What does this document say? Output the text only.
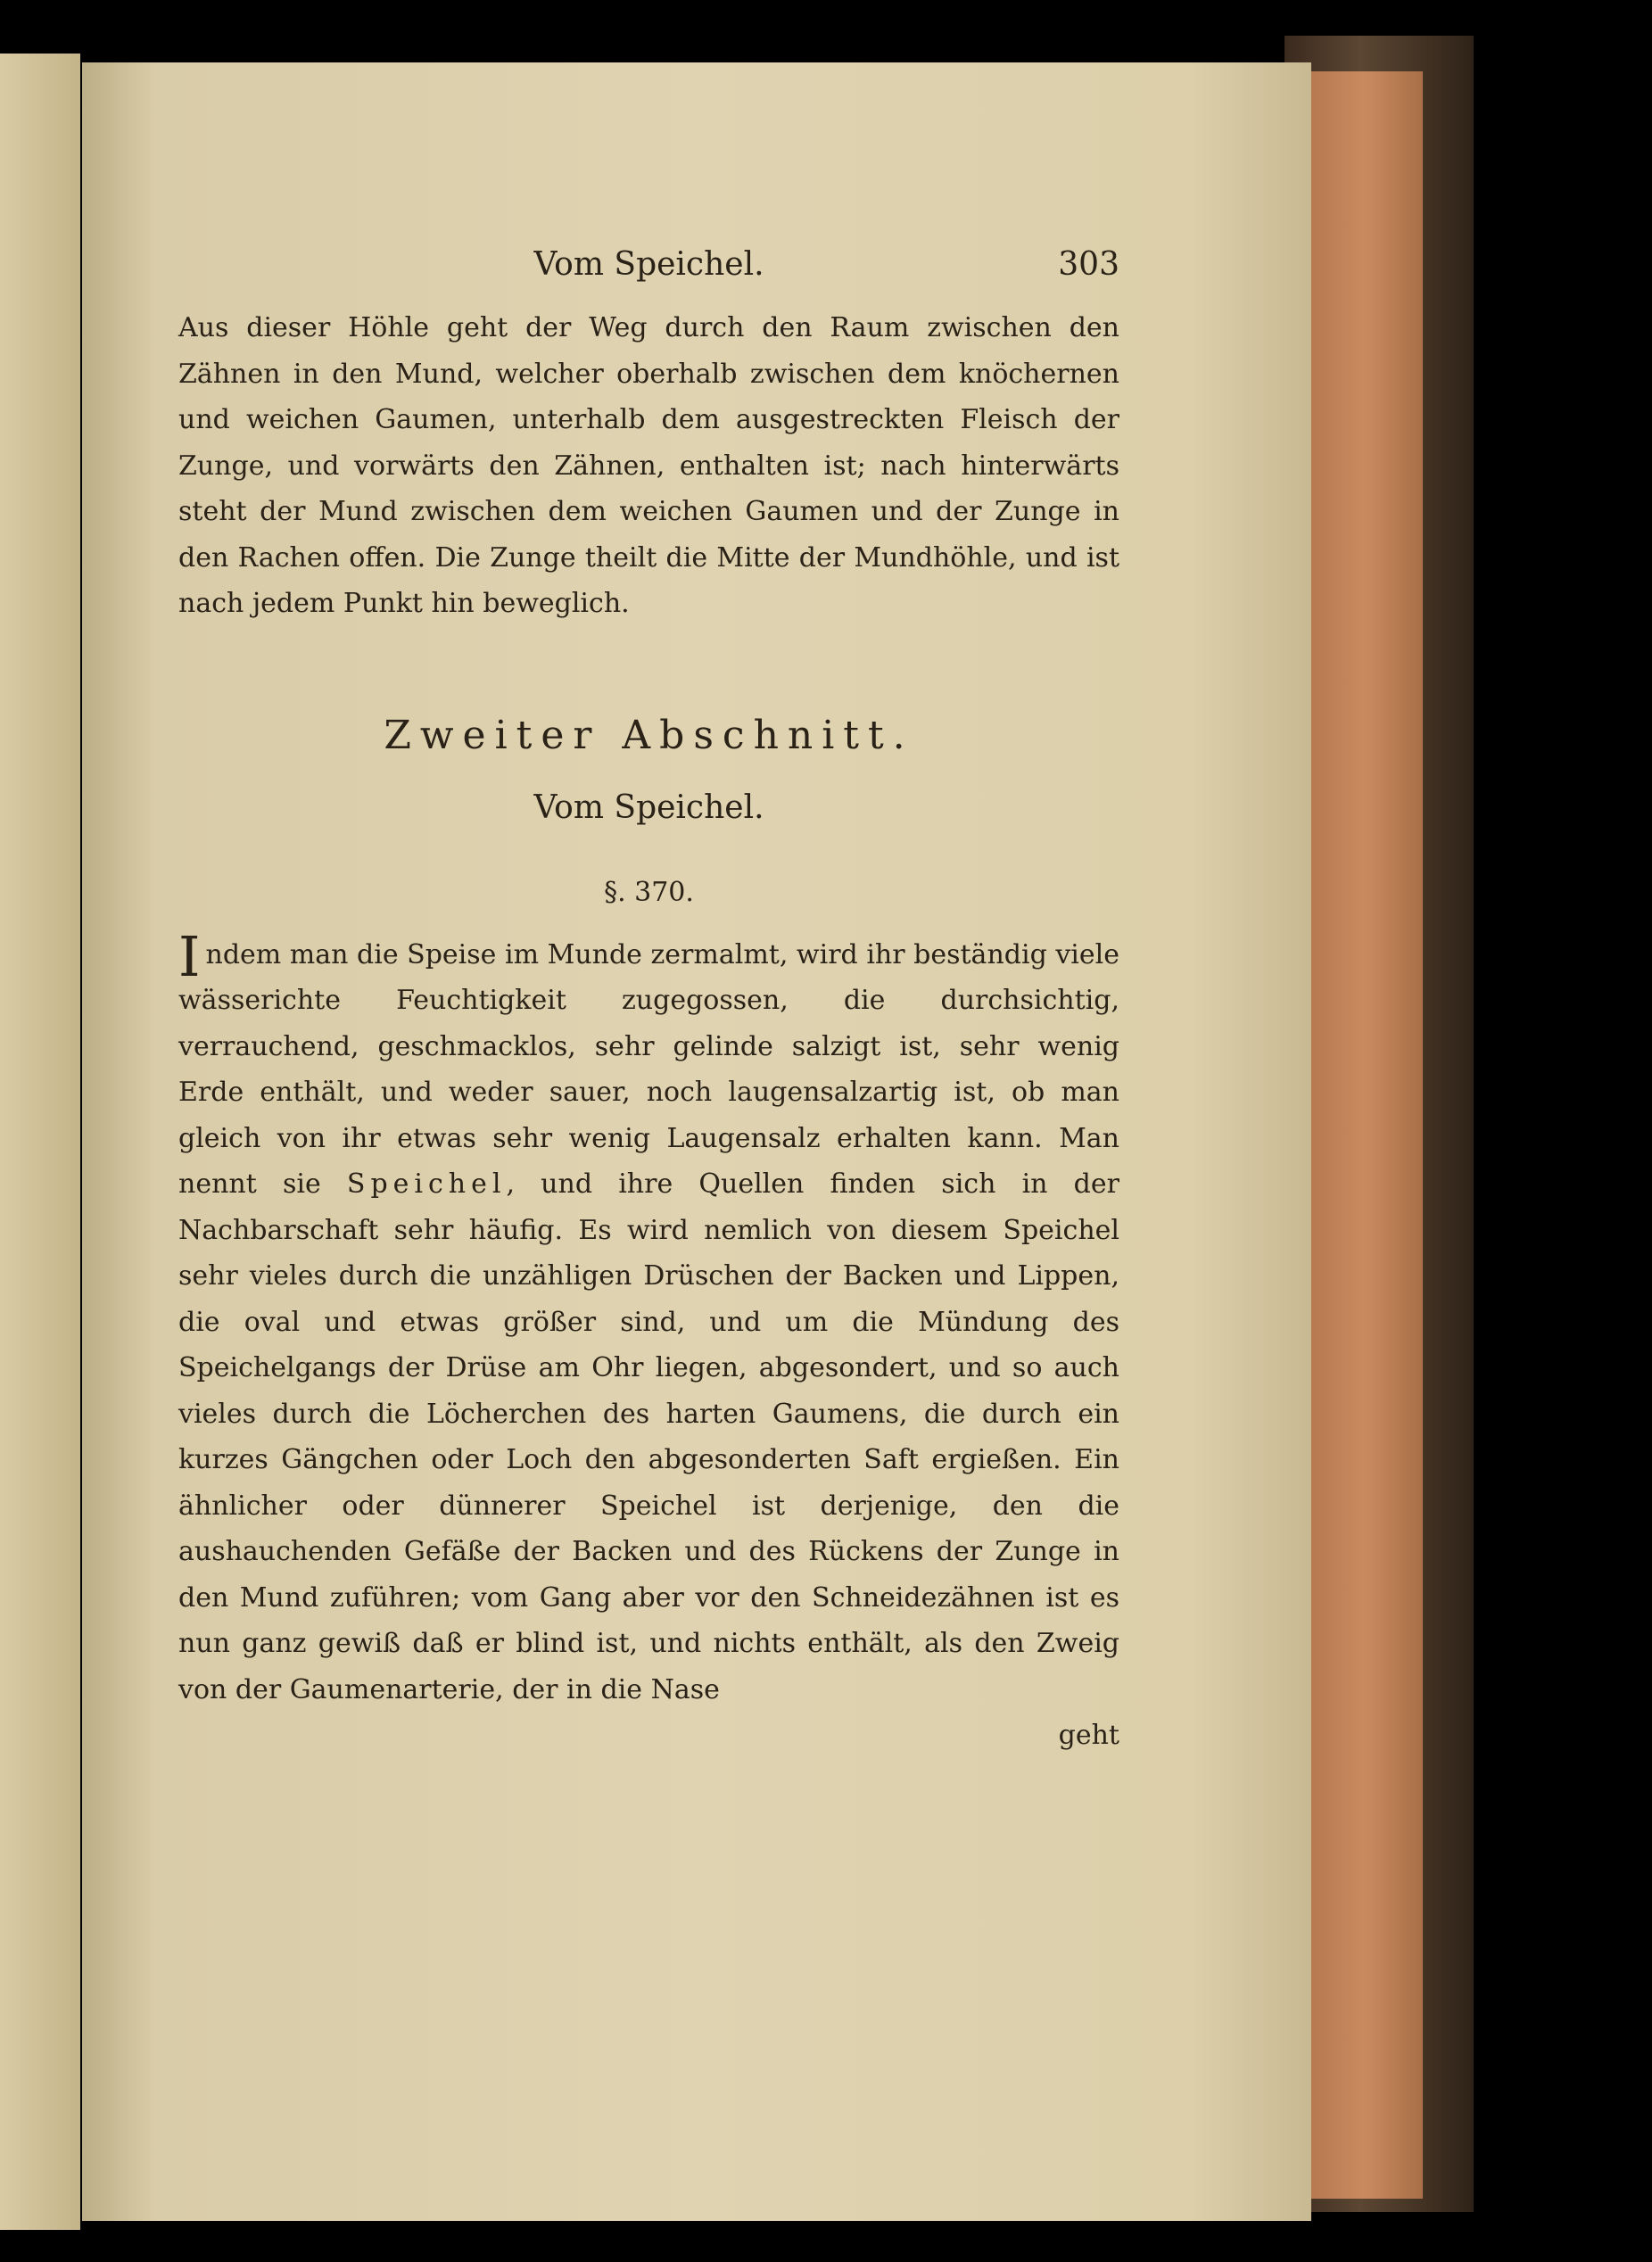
Vom Speichel.	303

Aus dieser Höhle geht der Weg durch den Raum zwischen den Zähnen in den Mund, welcher oberhalb zwischen dem knöchernen und weichen Gaumen, unterhalb dem ausgestreckten Fleisch der Zunge, und vorwärts den Zähnen, enthalten ist; nach hinterwärts steht der Mund zwischen dem weichen Gaumen und der Zunge in den Rachen offen. Die Zunge theilt die Mitte der Mundhöhle, und ist nach jedem Punkt hin beweglich.

Zweiter Abschnitt.
Vom Speichel.
§. 370.

Indem man die Speise im Munde zermalmt, wird ihr beständig viele wässerichte Feuchtigkeit zugegossen, die durchsichtig, verrauchend, geschmacklos, sehr gelinde salzigt ist, sehr wenig Erde enthält, und weder sauer, noch laugensalzartig ist, ob man gleich von ihr etwas sehr wenig Laugensalz erhalten kann. Man nennt sie Speichel, und ihre Quellen finden sich in der Nachbarschaft sehr häufig. Es wird nemlich von diesem Speichel sehr vieles durch die unzähligen Drüschen der Backen und Lippen, die oval und etwas größer sind, und um die Mündung des Speichelgangs der Drüse am Ohr liegen, abgesondert, und so auch vieles durch die Löcherchen des harten Gaumens, die durch ein kurzes Gängchen oder Loch den abgesonderten Saft ergießen. Ein ähnlicher oder dünnerer Speichel ist derjenige, den die aushauchenden Gefäße der Backen und des Rückens der Zunge in den Mund zuführen; vom Gang aber vor den Schneidezähnen ist es nun ganz gewiß daß er blind ist, und nichts enthält, als den Zweig von der Gaumenarterie, der in die Nase

geht
